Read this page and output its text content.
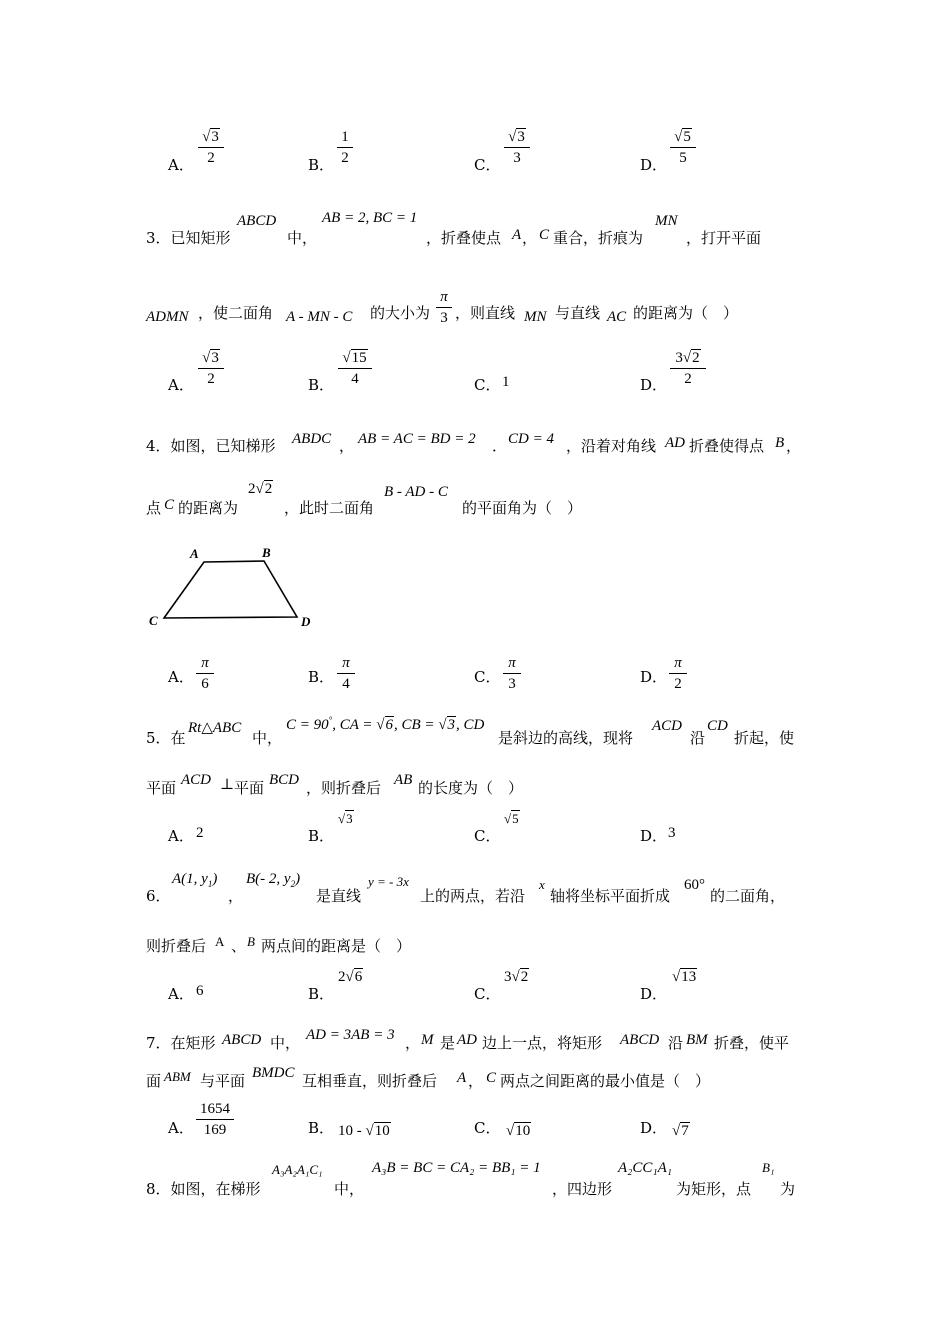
A．
√3
2	B．
1
2	C．
√3
3	D．
√5
5
3．已知矩形
ABCD
中，
AB = 2, BC = 1
，折叠使点 A ， C 重合，折痕为
MN
，打开平面
ADMN ，使二面角 A - MN - C 的大小为
π
3 ，则直线 MN 与直线 AC 的距离为（　）
A．
√3
2	B．
√15
4	C． 1	D．
3√2
2
4．如图，已知梯形 ABDC ， AB = AC = BD = 2 ． CD = 4 ，沿着对角线 AD 折叠使得点 B ，
点 C 的距离为
2√2
，此时二面角
B - AD - C
的平面角为（　）
A	B
C	D
A．
π
6	B．
π
4	C．
π
3	D．
π
2
5．在
Rt△ABC
中，
C = 90°, CA = √6, CB = √3, CD
是斜边的高线，现将
ACD
沿
CD
折起，使
平面 ACD ⊥ 平面 BCD ，则折叠后 AB 的长度为（　）
A． 2	B．
√3
C．
√5
D． 3
6．
A(1, $y_1$)
，
B(- 2, $y_2$)
是直线
y = - 3x
上的两点，若沿
x
轴将坐标平面折成
60°
的二面角，
则折叠后 A 、 B 两点间的距离是（　）
A． 6	B．
2√6
C．
3√2
D．
√13
7．在矩形 ABCD 中， AD = 3AB = 3 ， M 是 AD 边上一点，将矩形 ABCD 沿 BM 折叠，使平
面 ABM 与平面 BMDC 互相垂直，则折叠后 A ， C 两点之间距离的最小值是（　）
A．
1654
169	B． 10 - √10	C． √10	D． √7
8．如图，在梯形
A₃A₂A₁C₁
中，
A₃B = BC = CA₂ = BB₁ = 1
，四边形
A₂CC₁A₁
为矩形，点
B₁
为
